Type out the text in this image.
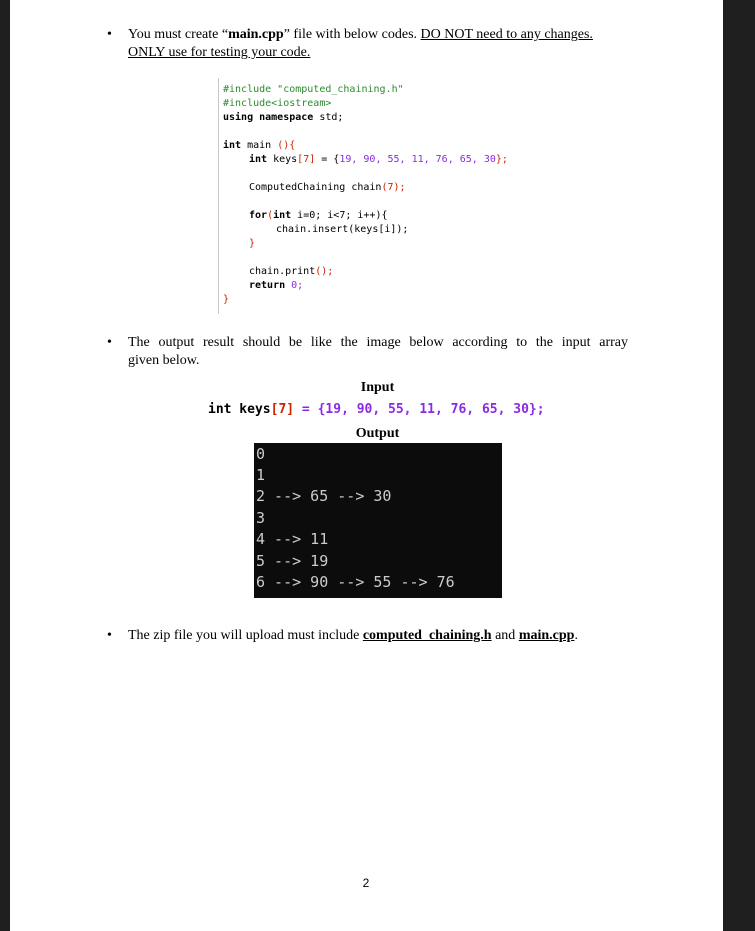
• You must create “main.cpp” file with below codes. DO NOT need to any changes.
ONLY use for testing your code.
#include "computed_chaining.h"
#include<iostream>
using namespace std;
int main (){
int keys[7] = {19, 90, 55, 11, 76, 65, 30};
ComputedChaining chain(7);
for(int i=0; i<7; i++){
chain.insert(keys[i]);
}
chain.print();
return 0;
}
• The output result should be like the image below according to the input array
given below.
Input
int keys[7] = {19, 90, 55, 11, 76, 65, 30};
Output
0
1
2 --> 65 --> 30
3
4 --> 11
5 --> 19
6 --> 90 --> 55 --> 76
• The zip file you will upload must include computed_chaining.h and main.cpp.
2
